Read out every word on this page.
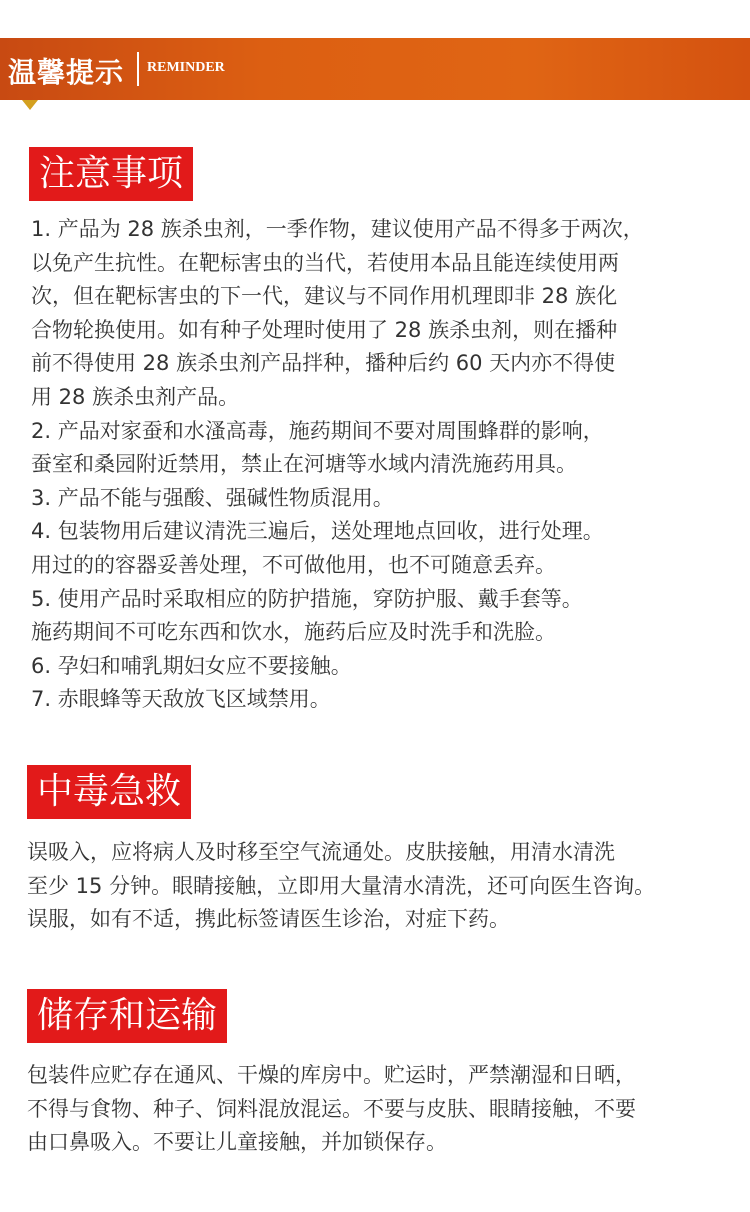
温馨提示 REMINDER
注意事项
1. 产品为 28 族杀虫剂，一季作物，建议使用产品不得多于两次，
以免产生抗性。在靶标害虫的当代，若使用本品且能连续使用两
次，但在靶标害虫的下一代，建议与不同作用机理即非 28 族化
合物轮换使用。如有种子处理时使用了 28 族杀虫剂，则在播种
前不得使用 28 族杀虫剂产品拌种，播种后约 60 天内亦不得使
用 28 族杀虫剂产品。
2. 产品对家蚕和水溞高毒，施药期间不要对周围蜂群的影响，
蚕室和桑园附近禁用，禁止在河塘等水域内清洗施药用具。
3. 产品不能与强酸、强碱性物质混用。
4. 包装物用后建议清洗三遍后，送处理地点回收，进行处理。
用过的的容器妥善处理，不可做他用，也不可随意丢弃。
5. 使用产品时采取相应的防护措施，穿防护服、戴手套等。
施药期间不可吃东西和饮水，施药后应及时洗手和洗脸。
6. 孕妇和哺乳期妇女应不要接触。
7. 赤眼蜂等天敌放飞区域禁用。
中毒急救
误吸入，应将病人及时移至空气流通处。皮肤接触，用清水清洗
至少 15 分钟。眼睛接触，立即用大量清水清洗，还可向医生咨询。
误服，如有不适，携此标签请医生诊治，对症下药。
储存和运输
包装件应贮存在通风、干燥的库房中。贮运时，严禁潮湿和日晒，
不得与食物、种子、饲料混放混运。不要与皮肤、眼睛接触，不要
由口鼻吸入。不要让儿童接触，并加锁保存。
